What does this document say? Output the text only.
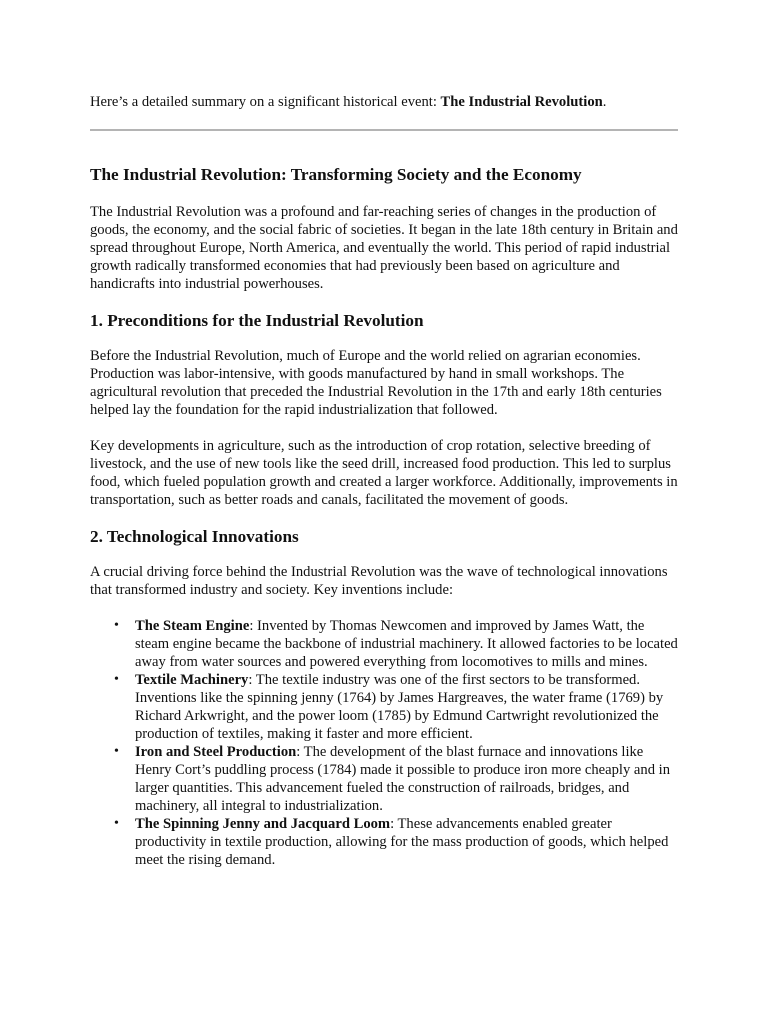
Here’s a detailed summary on a significant historical event: The Industrial Revolution.

The Industrial Revolution: Transforming Society and the Economy

The Industrial Revolution was a profound and far-reaching series of changes in the production of goods, the economy, and the social fabric of societies. It began in the late 18th century in Britain and spread throughout Europe, North America, and eventually the world. This period of rapid industrial growth radically transformed economies that had previously been based on agriculture and handicrafts into industrial powerhouses.

1. Preconditions for the Industrial Revolution

Before the Industrial Revolution, much of Europe and the world relied on agrarian economies. Production was labor-intensive, with goods manufactured by hand in small workshops. The agricultural revolution that preceded the Industrial Revolution in the 17th and early 18th centuries helped lay the foundation for the rapid industrialization that followed.

Key developments in agriculture, such as the introduction of crop rotation, selective breeding of livestock, and the use of new tools like the seed drill, increased food production. This led to surplus food, which fueled population growth and created a larger workforce. Additionally, improvements in transportation, such as better roads and canals, facilitated the movement of goods.

2. Technological Innovations

A crucial driving force behind the Industrial Revolution was the wave of technological innovations that transformed industry and society. Key inventions include:

• The Steam Engine: Invented by Thomas Newcomen and improved by James Watt, the steam engine became the backbone of industrial machinery. It allowed factories to be located away from water sources and powered everything from locomotives to mills and mines.
• Textile Machinery: The textile industry was one of the first sectors to be transformed. Inventions like the spinning jenny (1764) by James Hargreaves, the water frame (1769) by Richard Arkwright, and the power loom (1785) by Edmund Cartwright revolutionized the production of textiles, making it faster and more efficient.
• Iron and Steel Production: The development of the blast furnace and innovations like Henry Cort’s puddling process (1784) made it possible to produce iron more cheaply and in larger quantities. This advancement fueled the construction of railroads, bridges, and machinery, all integral to industrialization.
• The Spinning Jenny and Jacquard Loom: These advancements enabled greater productivity in textile production, allowing for the mass production of goods, which helped meet the rising demand.
